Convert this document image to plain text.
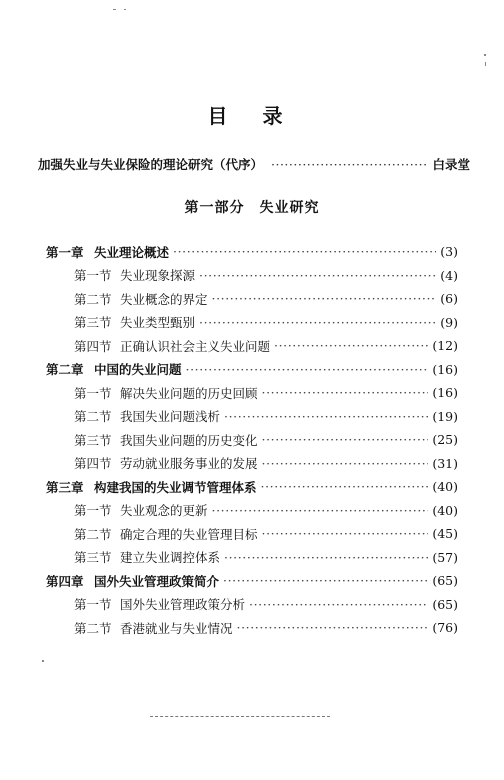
目 录
加强失业与失业保险的理论研究（代序） ·····	白录堂
第一部分　失业研究
第一章 失业理论概述 ·····	(3)
第一节 失业现象探源 ·····	(4)
第二节 失业概念的界定 ·····	(6)
第三节 失业类型甄别 ·····	(9)
第四节 正确认识社会主义失业问题 ·····	(12)
第二章 中国的失业问题 ·····	(16)
第一节 解决失业问题的历史回顾 ·····	(16)
第二节 我国失业问题浅析 ·····	(19)
第三节 我国失业问题的历史变化 ·····	(25)
第四节 劳动就业服务事业的发展 ·····	(31)
第三章 构建我国的失业调节管理体系 ·····	(40)
第一节 失业观念的更新 ·····	(40)
第二节 确定合理的失业管理目标 ·····	(45)
第三节 建立失业调控体系 ·····	(57)
第四章 国外失业管理政策简介 ·····	(65)
第一节 国外失业管理政策分析 ·····	(65)
第二节 香港就业与失业情况 ·····	(76)
